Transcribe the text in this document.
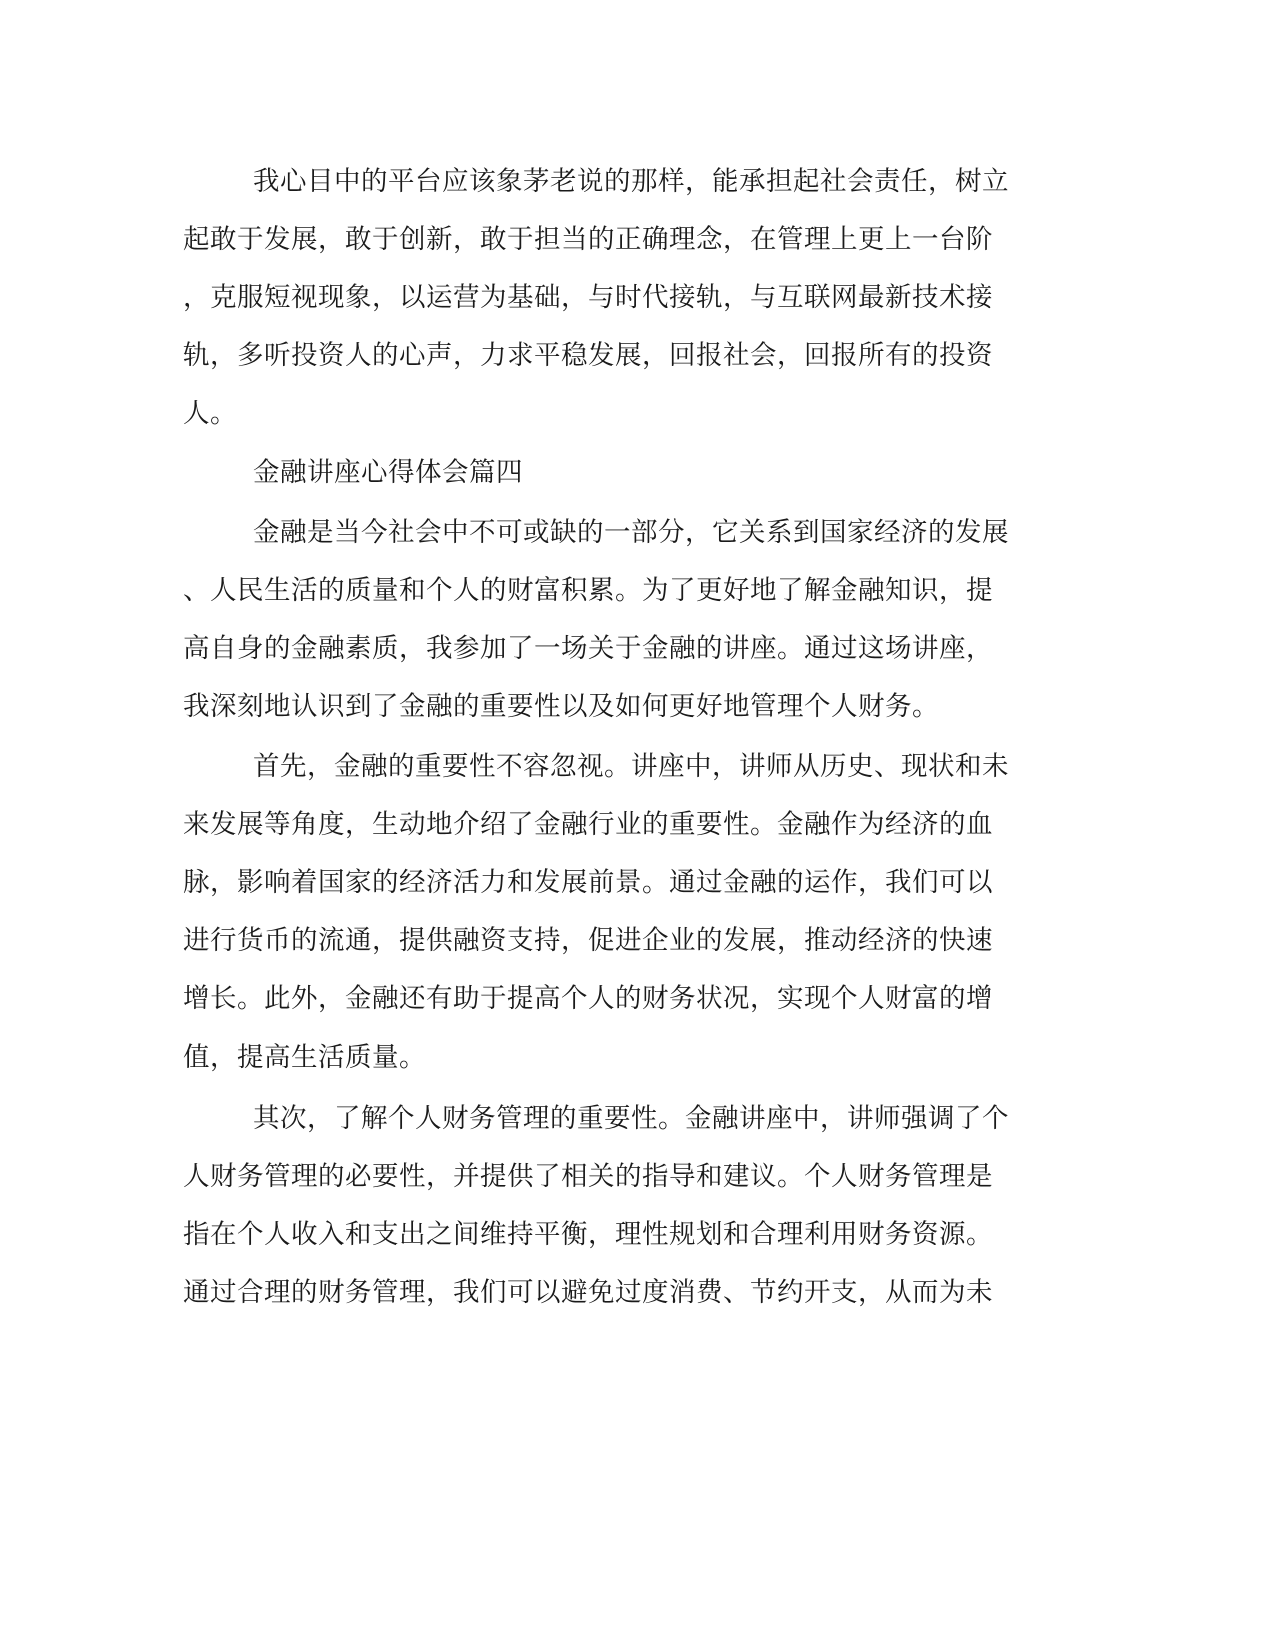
我心目中的平台应该象茅老说的那样，能承担起社会责任，树立
起敢于发展，敢于创新，敢于担当的正确理念，在管理上更上一台阶
，克服短视现象，以运营为基础，与时代接轨，与互联网最新技术接
轨，多听投资人的心声，力求平稳发展，回报社会，回报所有的投资
人。
金融讲座心得体会篇四
金融是当今社会中不可或缺的一部分，它关系到国家经济的发展
、人民生活的质量和个人的财富积累。为了更好地了解金融知识，提
高自身的金融素质，我参加了一场关于金融的讲座。通过这场讲座，
我深刻地认识到了金融的重要性以及如何更好地管理个人财务。
首先，金融的重要性不容忽视。讲座中，讲师从历史、现状和未
来发展等角度，生动地介绍了金融行业的重要性。金融作为经济的血
脉，影响着国家的经济活力和发展前景。通过金融的运作，我们可以
进行货币的流通，提供融资支持，促进企业的发展，推动经济的快速
增长。此外，金融还有助于提高个人的财务状况，实现个人财富的增
值，提高生活质量。
其次，了解个人财务管理的重要性。金融讲座中，讲师强调了个
人财务管理的必要性，并提供了相关的指导和建议。个人财务管理是
指在个人收入和支出之间维持平衡，理性规划和合理利用财务资源。
通过合理的财务管理，我们可以避免过度消费、节约开支，从而为未
